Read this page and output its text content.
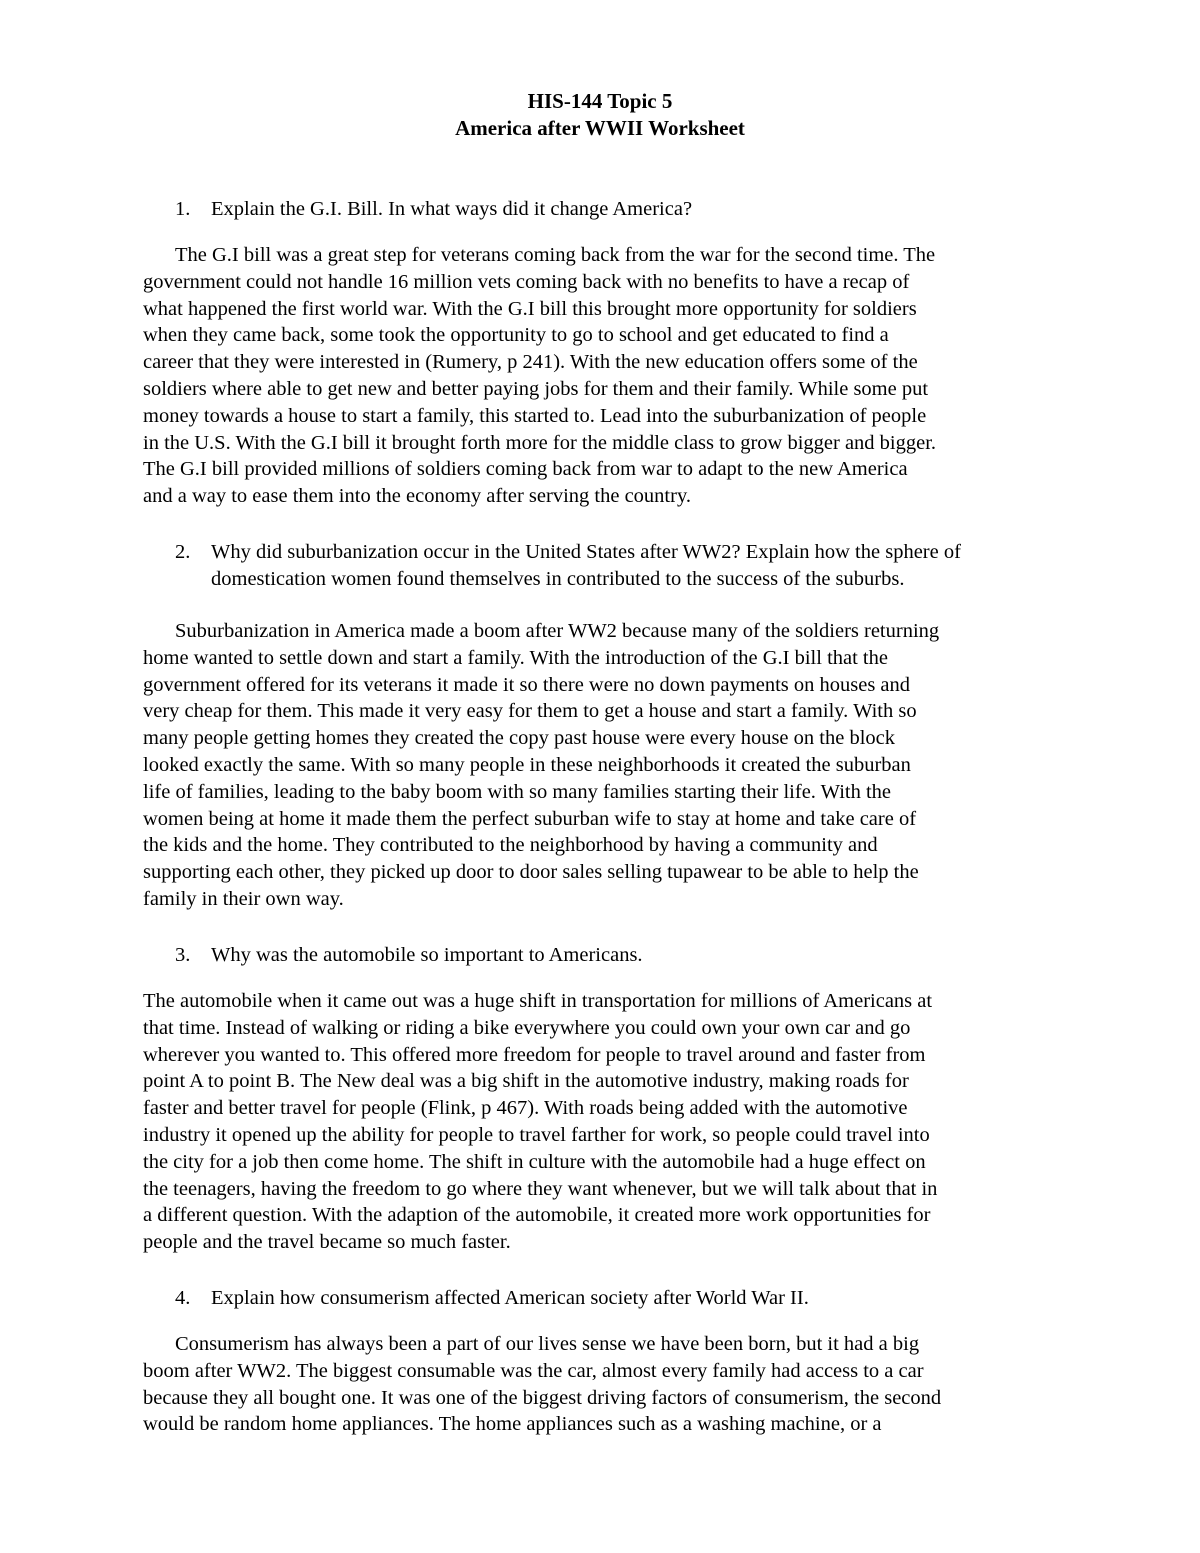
HIS-144 Topic 5
America after WWII Worksheet
1. Explain the G.I. Bill. In what ways did it change America?

The G.I bill was a great step for veterans coming back from the war for the second time. The
government could not handle 16 million vets coming back with no benefits to have a recap of
what happened the first world war. With the G.I bill this brought more opportunity for soldiers
when they came back, some took the opportunity to go to school and get educated to find a
career that they were interested in (Rumery, p 241). With the new education offers some of the
soldiers where able to get new and better paying jobs for them and their family. While some put
money towards a house to start a family, this started to. Lead into the suburbanization of people
in the U.S. With the G.I bill it brought forth more for the middle class to grow bigger and bigger.
The G.I bill provided millions of soldiers coming back from war to adapt to the new America
and a way to ease them into the economy after serving the country.

2. Why did suburbanization occur in the United States after WW2? Explain how the sphere of domestication women found themselves in contributed to the success of the suburbs.

Suburbanization in America made a boom after WW2 because many of the soldiers returning
home wanted to settle down and start a family. With the introduction of the G.I bill that the
government offered for its veterans it made it so there were no down payments on houses and
very cheap for them. This made it very easy for them to get a house and start a family. With so
many people getting homes they created the copy past house were every house on the block
looked exactly the same. With so many people in these neighborhoods it created the suburban
life of families, leading to the baby boom with so many families starting their life. With the
women being at home it made them the perfect suburban wife to stay at home and take care of
the kids and the home. They contributed to the neighborhood by having a community and
supporting each other, they picked up door to door sales selling tupawear to be able to help the
family in their own way.

3. Why was the automobile so important to Americans.

The automobile when it came out was a huge shift in transportation for millions of Americans at
that time. Instead of walking or riding a bike everywhere you could own your own car and go
wherever you wanted to. This offered more freedom for people to travel around and faster from
point A to point B. The New deal was a big shift in the automotive industry, making roads for
faster and better travel for people (Flink, p 467). With roads being added with the automotive
industry it opened up the ability for people to travel farther for work, so people could travel into
the city for a job then come home. The shift in culture with the automobile had a huge effect on
the teenagers, having the freedom to go where they want whenever, but we will talk about that in
a different question. With the adaption of the automobile, it created more work opportunities for
people and the travel became so much faster.

4. Explain how consumerism affected American society after World War II.

Consumerism has always been a part of our lives sense we have been born, but it had a big
boom after WW2. The biggest consumable was the car, almost every family had access to a car
because they all bought one. It was one of the biggest driving factors of consumerism, the second
would be random home appliances. The home appliances such as a washing machine, or a
